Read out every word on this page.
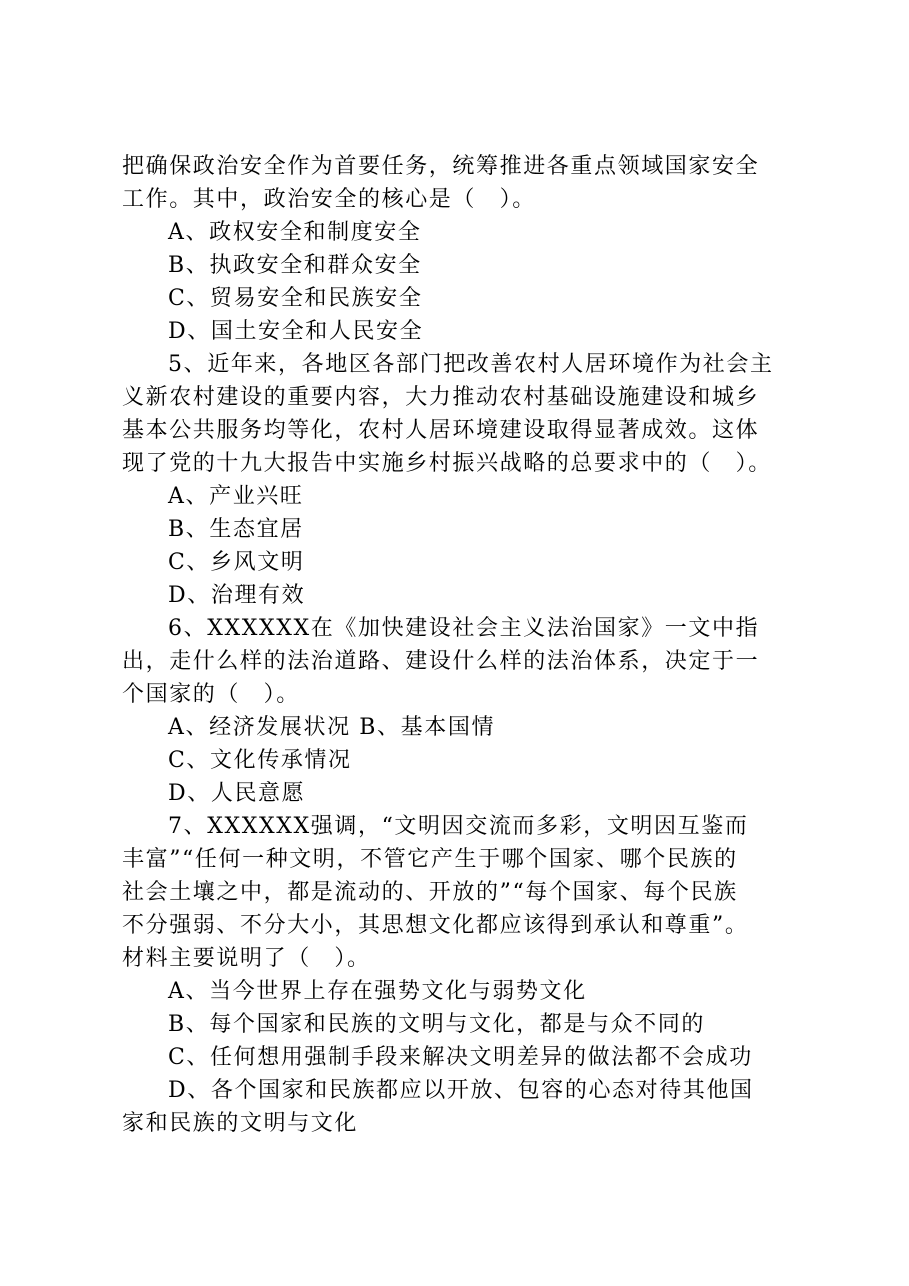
把确保政治安全作为首要任务，统筹推进各重点领域国家安全
工作。其中，政治安全的核心是（　）。
A、政权安全和制度安全
B、执政安全和群众安全
C、贸易安全和民族安全
D、国土安全和人民安全
5、近年来，各地区各部门把改善农村人居环境作为社会主
义新农村建设的重要内容，大力推动农村基础设施建设和城乡
基本公共服务均等化，农村人居环境建设取得显著成效。这体
现了党的十九大报告中实施乡村振兴战略的总要求中的（　）。
A、产业兴旺
B、生态宜居
C、乡风文明
D、治理有效
6、XXXXXX在《加快建设社会主义法治国家》一文中指
出，走什么样的法治道路、建设什么样的法治体系，决定于一
个国家的（　）。
A、经济发展状况 B、基本国情
C、文化传承情况
D、人民意愿
7、XXXXXX强调，“文明因交流而多彩，文明因互鉴而
丰富”“任何一种文明，不管它产生于哪个国家、哪个民族的
社会土壤之中，都是流动的、开放的”“每个国家、每个民族
不分强弱、不分大小，其思想文化都应该得到承认和尊重”。
材料主要说明了（　）。
A、当今世界上存在强势文化与弱势文化
B、每个国家和民族的文明与文化，都是与众不同的
C、任何想用强制手段来解决文明差异的做法都不会成功
D、各个国家和民族都应以开放、包容的心态对待其他国
家和民族的文明与文化
